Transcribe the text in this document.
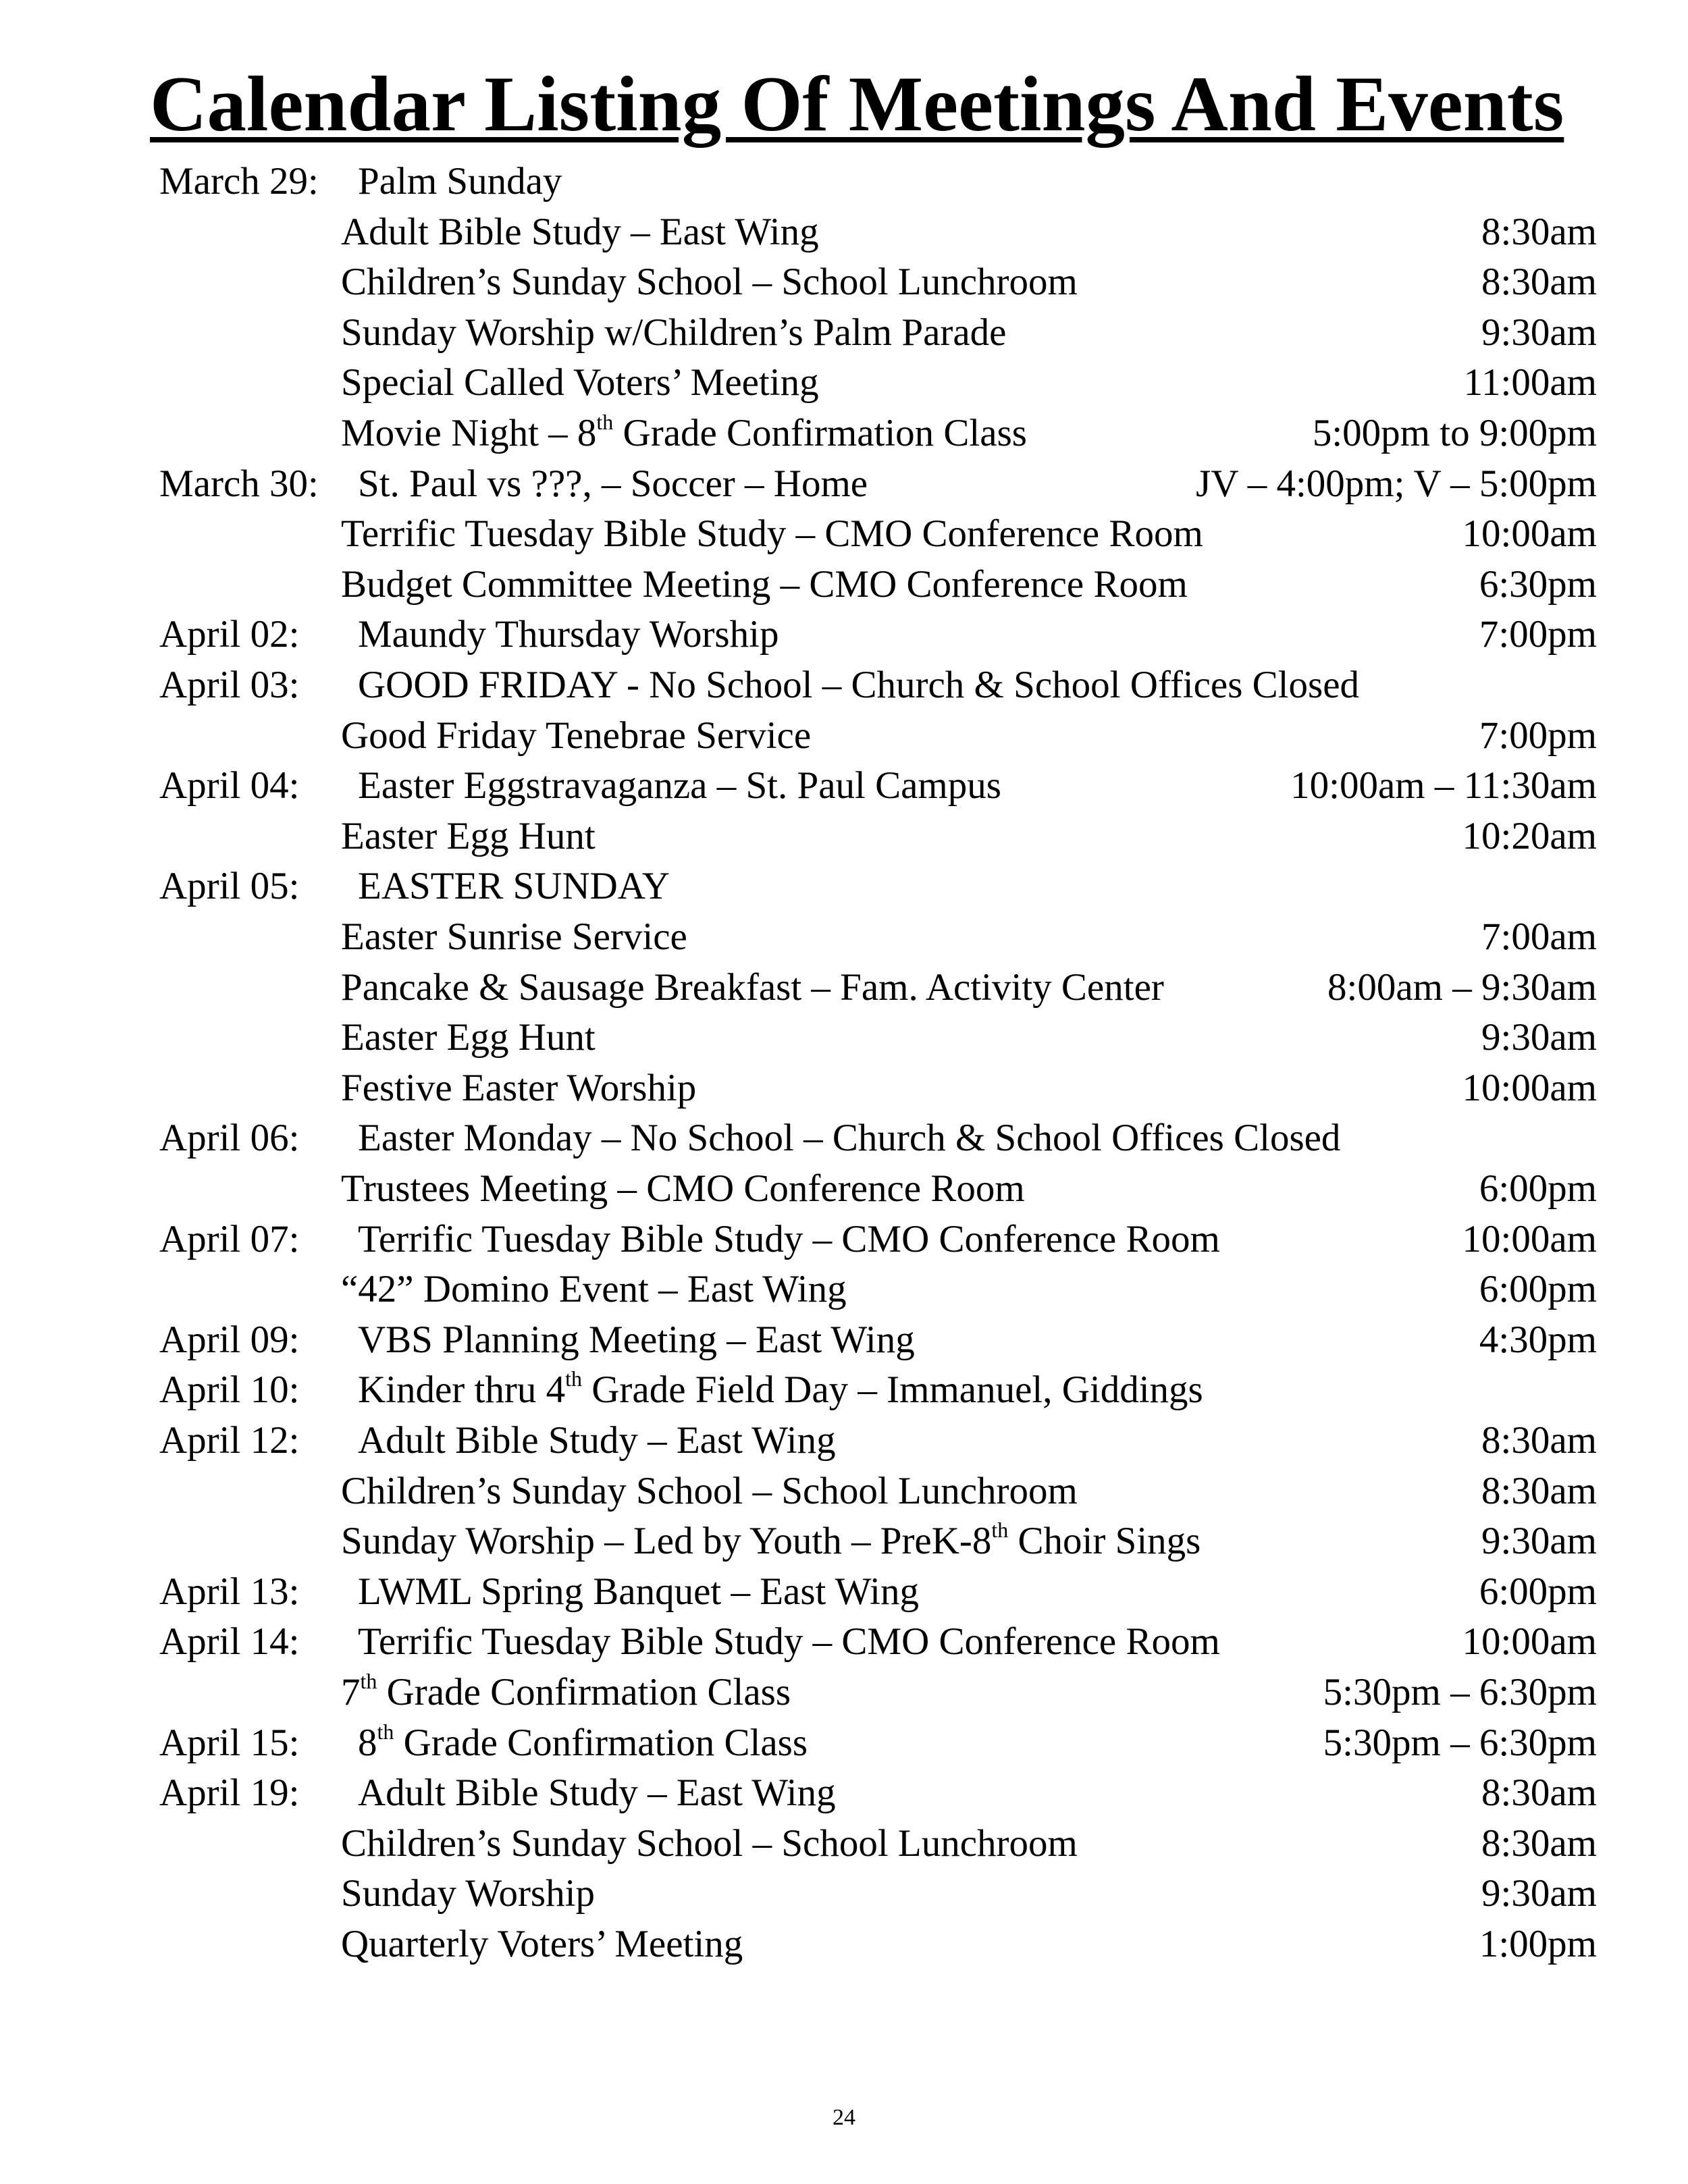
Calendar Listing Of Meetings And Events
March 29: Palm Sunday
Adult Bible Study – East Wing	8:30am
Children’s Sunday School – School Lunchroom	8:30am
Sunday Worship w/Children’s Palm Parade	9:30am
Special Called Voters’ Meeting	11:00am
Movie Night – 8th Grade Confirmation Class	5:00pm to 9:00pm
March 30: St. Paul vs ???, – Soccer – Home	JV – 4:00pm; V – 5:00pm
Terrific Tuesday Bible Study – CMO Conference Room	10:00am
Budget Committee Meeting – CMO Conference Room	6:30pm
April 02: Maundy Thursday Worship	7:00pm
April 03: GOOD FRIDAY - No School – Church & School Offices Closed
Good Friday Tenebrae Service	7:00pm
April 04: Easter Eggstravaganza – St. Paul Campus	10:00am – 11:30am
Easter Egg Hunt	10:20am
April 05: EASTER SUNDAY
Easter Sunrise Service	7:00am
Pancake & Sausage Breakfast – Fam. Activity Center	8:00am – 9:30am
Easter Egg Hunt	9:30am
Festive Easter Worship	10:00am
April 06: Easter Monday – No School – Church & School Offices Closed
Trustees Meeting – CMO Conference Room	6:00pm
April 07: Terrific Tuesday Bible Study – CMO Conference Room	10:00am
“42” Domino Event – East Wing	6:00pm
April 09: VBS Planning Meeting – East Wing	4:30pm
April 10: Kinder thru 4th Grade Field Day – Immanuel, Giddings
April 12: Adult Bible Study – East Wing	8:30am
Children’s Sunday School – School Lunchroom	8:30am
Sunday Worship – Led by Youth – PreK-8th Choir Sings	9:30am
April 13: LWML Spring Banquet – East Wing	6:00pm
April 14: Terrific Tuesday Bible Study – CMO Conference Room	10:00am
7th Grade Confirmation Class	5:30pm – 6:30pm
April 15: 8th Grade Confirmation Class	5:30pm – 6:30pm
April 19: Adult Bible Study – East Wing	8:30am
Children’s Sunday School – School Lunchroom	8:30am
Sunday Worship	9:30am
Quarterly Voters’ Meeting	1:00pm
24
